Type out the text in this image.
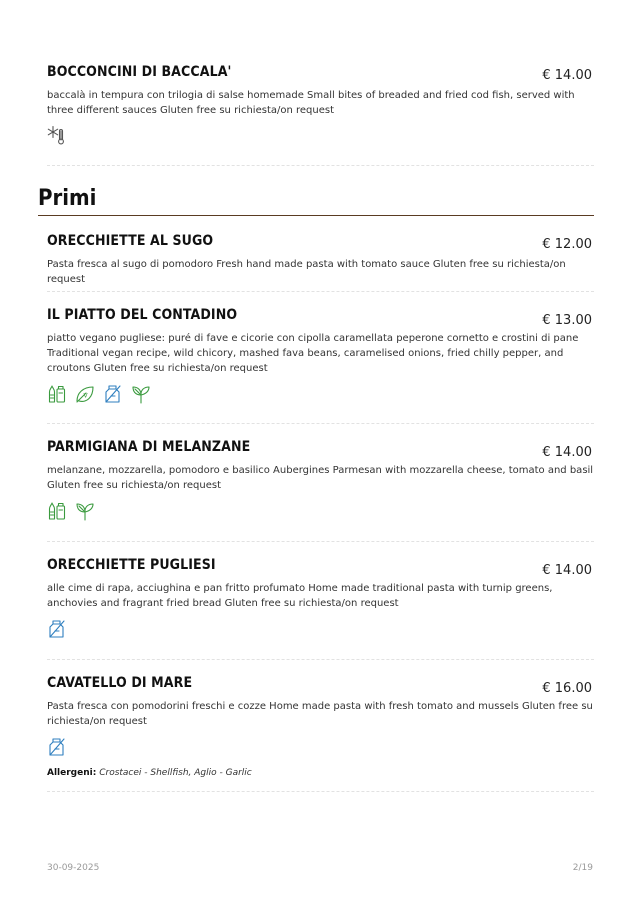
BOCCONCINI DI BACCALA'	€ 14.00
baccalà in tempura con trilogia di salse homemade Small bites of breaded and fried cod fish, served with three different sauces Gluten free su richiesta/on request
Primi
ORECCHIETTE AL SUGO	€ 12.00
Pasta fresca al sugo di pomodoro Fresh hand made pasta with tomato sauce Gluten free su richiesta/on request
IL PIATTO DEL CONTADINO	€ 13.00
piatto vegano pugliese: puré di fave e cicorie con cipolla caramellata peperone cornetto e crostini di pane Traditional vegan recipe, wild chicory, mashed fava beans, caramelised onions, fried chilly pepper, and croutons Gluten free su richiesta/on request
PARMIGIANA DI MELANZANE	€ 14.00
melanzane, mozzarella, pomodoro e basilico Aubergines Parmesan with mozzarella cheese, tomato and basil Gluten free su richiesta/on request
ORECCHIETTE PUGLIESI	€ 14.00
alle cime di rapa, acciughina e pan fritto profumato Home made traditional pasta with turnip greens, anchovies and fragrant fried bread Gluten free su richiesta/on request
CAVATELLO DI MARE	€ 16.00
Pasta fresca con pomodorini freschi e cozze Home made pasta with fresh tomato and mussels Gluten free su richiesta/on request
Allergeni: Crostacei - Shellfish, Aglio - Garlic
30-09-2025	2/19
